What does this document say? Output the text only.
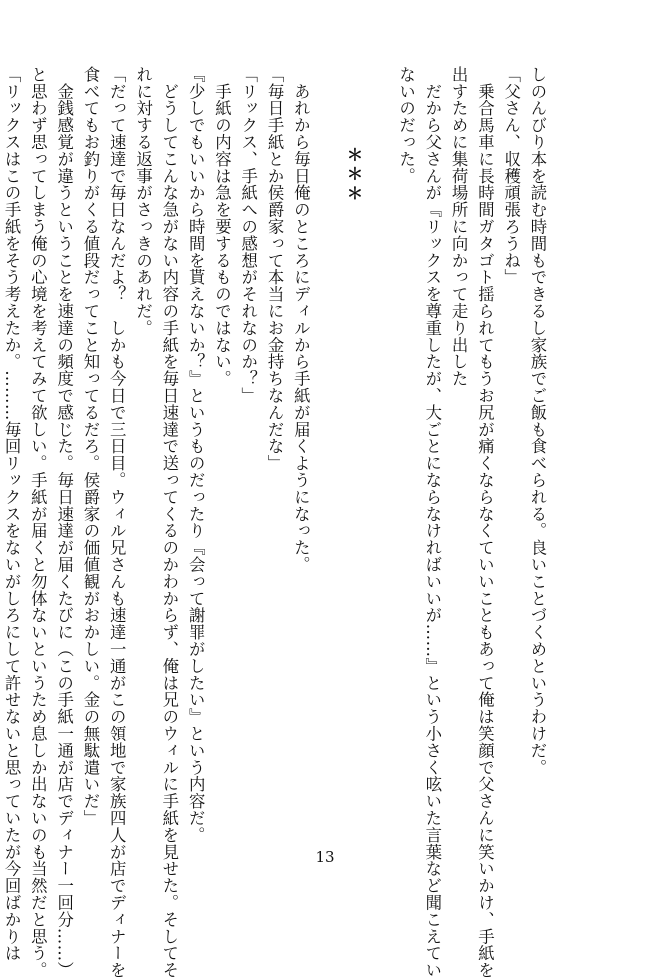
しのんびり本を読む時間もできるし家族でご飯も食べられる。良いことづくめというわけだ。
「父さん、収穫頑張ろうね」
　乗合馬車に長時間ガタゴト揺られてもうお尻が痛くならなくていいこともあって俺は笑顔で父さんに笑いかけ、手紙を
出すために集荷場所に向かって走り出した
　だから父さんが『リックスを尊重したが、大ごとにならなければいいが……』という小さく呟いた言葉など聞こえてい
ないのだった。

＊＊＊

　あれから毎日俺のところにディルから手紙が届くようになった。
「毎日手紙とか侯爵家って本当にお金持ちなんだな」
「リックス、手紙への感想がそれなのか？」
　手紙の内容は急を要するものではない。
『少しでもいいから時間を貰えないか？』というものだったり『会って謝罪がしたい』という内容だ。
　どうしてこんな急がない内容の手紙を毎日速達で送ってくるのかわからず、俺は兄のウィルに手紙を見せた。そしてそ
れに対する返事がさっきのあれだ。
「だって速達で毎日なんだよ？　しかも今日で三日目。ウィル兄さんも速達一通がこの領地で家族四人が店でディナーを
食べてもお釣りがくる値段だってこと知ってるだろ。侯爵家の価値観がおかしい。金の無駄遣いだ」
　金銭感覚が違うということを速達の頻度で感じた。毎日速達が届くたびに（この手紙一通が店でディナー一回分……）
と思わず思ってしまう俺の心境を考えてみて欲しい。手紙が届くと勿体ないというため息しか出ないのも当然だと思う。
「リックスはこの手紙をそう考えたか。………毎回リックスをないがしろにして許せないと思っていたが今回ばかりは	13
